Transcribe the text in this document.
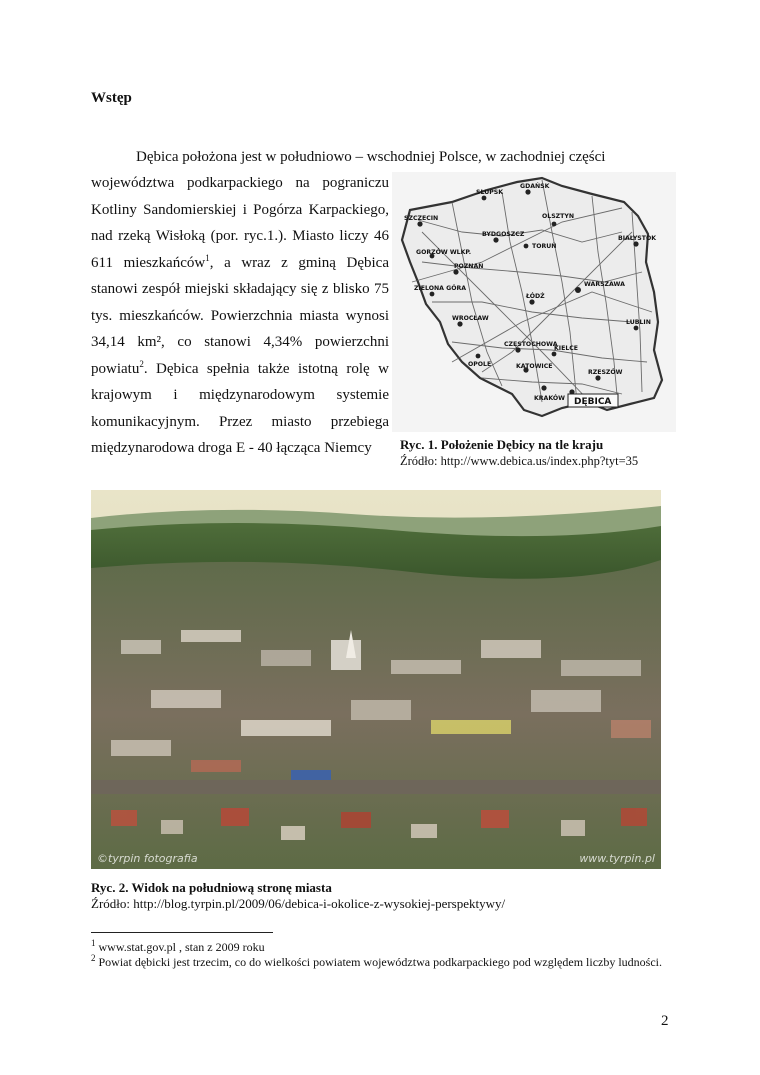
Wstęp

Dębica położona jest w południowo – wschodniej Polsce, w zachodniej części

województwa podkarpackiego na pograniczu Kotliny Sandomierskiej i Pogórza Karpackiego, nad rzeką Wisłoką (por. ryc.1.). Miasto liczy 46 611 mieszkańców$^1$, a wraz z gminą Dębica stanowi zespół miejski składający się z blisko 75 tys. mieszkańców. Powierzchnia miasta wynosi 34,14 km², co stanowi 4,34% powierzchni powiatu$^2$. Dębica spełnia także istotną rolę w krajowym i międzynarodowym systemie komunikacyjnym. Przez miasto przebiega międzynarodowa droga E - 40 łącząca Niemcy

GDAŃSK
SŁUPSK
SZCZECIN	OLSZTYN
BYDGOSZCZ
TORUŃ
BIAŁYSTOK
GORZÓW WLKP.
POZNAŃ
ZIELONA GÓRA
ŁÓDŹ
WARSZAWA
WROCŁAW
LUBLIN
CZĘSTOCHOWA
KIELCE
OPOLE	KATOWICE
RZESZÓW
KRAKÓW DĘBICA
Ryc. 1. Położenie Dębicy na tle kraju
Źródło: http://www.debica.us/index.php?tyt=35
©tyrpin fotografia	www.tyrpin.pl
Ryc. 2. Widok na południową stronę miasta
Źródło: http://blog.tyrpin.pl/2009/06/debica-i-okolice-z-wysokiej-perspektywy/

$^1$ www.stat.gov.pl , stan z 2009 roku

$^2$ Powiat dębicki jest trzecim, co do wielkości powiatem województwa podkarpackiego pod względem liczby ludności.

2
